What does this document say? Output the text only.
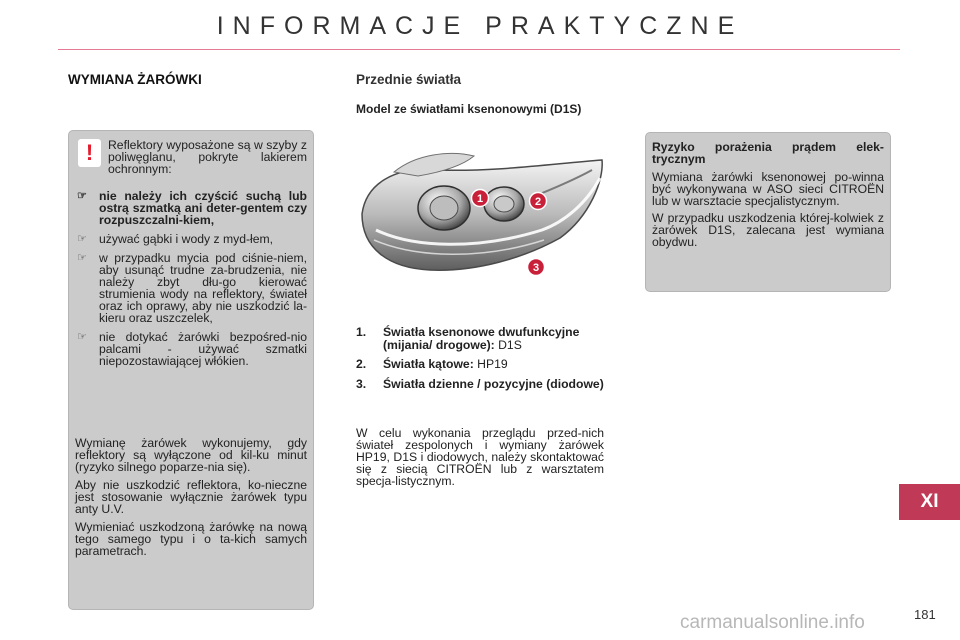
INFORMACJE PRAKTYCZNE
WYMIANA ŻARÓWKI
! Reflektory wyposażone są w szyby z poliwęglanu, pokryte lakierem ochronnym:
☞ nie należy ich czyścić suchą lub ostrą szmatką ani deter-gentem czy rozpuszczalni-kiem,
☞ używać gąbki i wody z myd-łem,
☞ w przypadku mycia pod ciśnie-niem, aby usunąć trudne za-brudzenia, nie należy zbyt dłu-go kierować strumienia wody na reflektory, świateł oraz ich oprawy, aby nie uszkodzić la-kieru oraz uszczelek,
☞ nie dotykać żarówki bezpośred-nio palcami - używać szmatki niepozostawiającej włókien.

Wymianę żarówek wykonujemy, gdy reflektory są wyłączone od kil-ku minut (ryzyko silnego poparze-nia się).

Aby nie uszkodzić reflektora, ko-nieczne jest stosowanie wyłącznie żarówek typu anty U.V.

Wymieniać uszkodzoną żarówkę na nową tego samego typu i o ta-kich samych parametrach.

Przednie światła
Model ze światłami ksenonowymi (D1S)
1	2
3
1. Światła ksenonowe dwufunkcyjne (mijania/ drogowe): D1S
2. Światła kątowe: HP19
3. Światła dzienne / pozycyjne (diodowe)
W celu wykonania przeglądu przed-nich świateł zespolonych i wymiany żarówek HP19, D1S i diodowych, należy skontaktować się z siecią CITROËN lub z warsztatem specja-listycznym.
Ryzyko porażenia prądem elek-trycznym

Wymiana żarówki ksenonowej po-winna być wykonywana w ASO sieci CITROËN lub w warsztacie specjalistycznym.

W przypadku uszkodzenia której-kolwiek z żarówek D1S, zalecana jest wymiana obydwu.

XI
carmanualsonline.info	181
